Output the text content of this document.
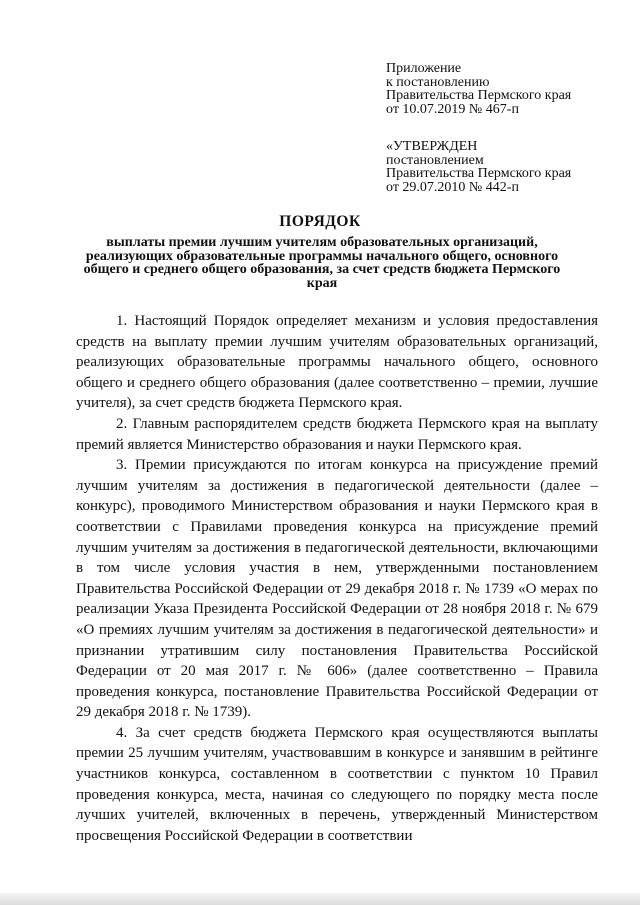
Приложение
к постановлению
Правительства Пермского края
от 10.07.2019 № 467-п
«УТВЕРЖДЕН
постановлением
Правительства Пермского края
от 29.07.2010 № 442-п
ПОРЯДОК
выплаты премии лучшим учителям образовательных организаций, реализующих образовательные программы начального общего, основного общего и среднего общего образования, за счет средств бюджета Пермского края

1. Настоящий Порядок определяет механизм и условия предоставления средств на выплату премии лучшим учителям образовательных организаций, реализующих образовательные программы начального общего, основного общего и среднего общего образования (далее соответственно – премии, лучшие учителя), за счет средств бюджета Пермского края.

2. Главным распорядителем средств бюджета Пермского края на выплату премий является Министерство образования и науки Пермского края.

3. Премии присуждаются по итогам конкурса на присуждение премий лучшим учителям за достижения в педагогической деятельности (далее – конкурс), проводимого Министерством образования и науки Пермского края в соответствии с Правилами проведения конкурса на присуждение премий лучшим учителям за достижения в педагогической деятельности, включающими в том числе условия участия в нем, утвержденными постановлением Правительства Российской Федерации от 29 декабря 2018 г. № 1739 «О мерах по реализации Указа Президента Российской Федерации от 28 ноября 2018 г. № 679 «О премиях лучшим учителям за достижения в педагогической деятельности» и признании утратившим силу постановления Правительства Российской Федерации от 20 мая 2017 г. № 606» (далее соответственно – Правила проведения конкурса, постановление Правительства Российской Федерации от 29 декабря 2018 г. № 1739).

4. За счет средств бюджета Пермского края осуществляются выплаты премии 25 лучшим учителям, участвовавшим в конкурсе и занявшим в рейтинге участников конкурса, составленном в соответствии с пунктом 10 Правил проведения конкурса, места, начиная со следующего по порядку места после лучших учителей, включенных в перечень, утвержденный Министерством просвещения Российской Федерации в соответствии
